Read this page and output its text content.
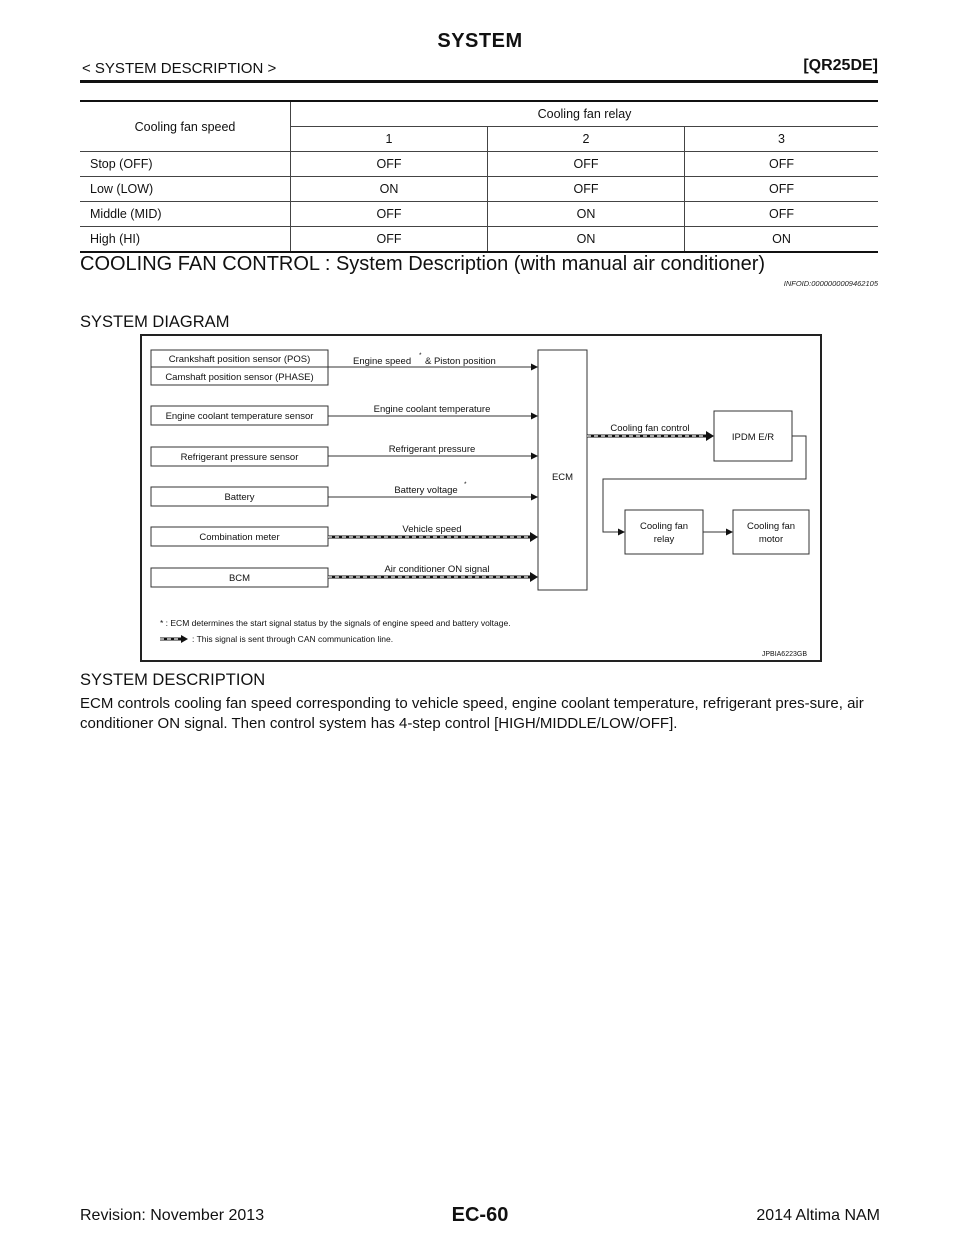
SYSTEM
< SYSTEM DESCRIPTION >	[QR25DE]
Cooling fan speed	Cooling fan relay		
	1	2	3
Stop (OFF)	OFF	OFF	OFF
Low (LOW)	ON	OFF	OFF
Middle (MID)	OFF	ON	OFF
High (HI)	OFF	ON	ON
COOLING FAN CONTROL : System Description (with manual air conditioner)
INFOID:0000000009462105
SYSTEM DIAGRAM
Crankshaft position sensor (POS)
Camshaft position sensor (PHASE)
Engine coolant temperature sensor
Refrigerant pressure sensor
Battery
Combination meter
BCM
Engine speed
*
& Piston position
Engine coolant temperature
Refrigerant pressure
Battery voltage
*
Vehicle speed
Air conditioner ON signal
Cooling fan control
ECM
IPDM E/R
Cooling fan
relay
Cooling fan
motor
* : ECM determines the start signal status by the signals of engine speed and battery voltage.
: This signal is sent through CAN communication line.
JPBIA6223GB
SYSTEM DESCRIPTION
ECM controls cooling fan speed corresponding to vehicle speed, engine coolant temperature, refrigerant pres-sure, air conditioner ON signal. Then control system has 4-step control [HIGH/MIDDLE/LOW/OFF].
Revision: November 2013	EC-60	2014 Altima NAM
